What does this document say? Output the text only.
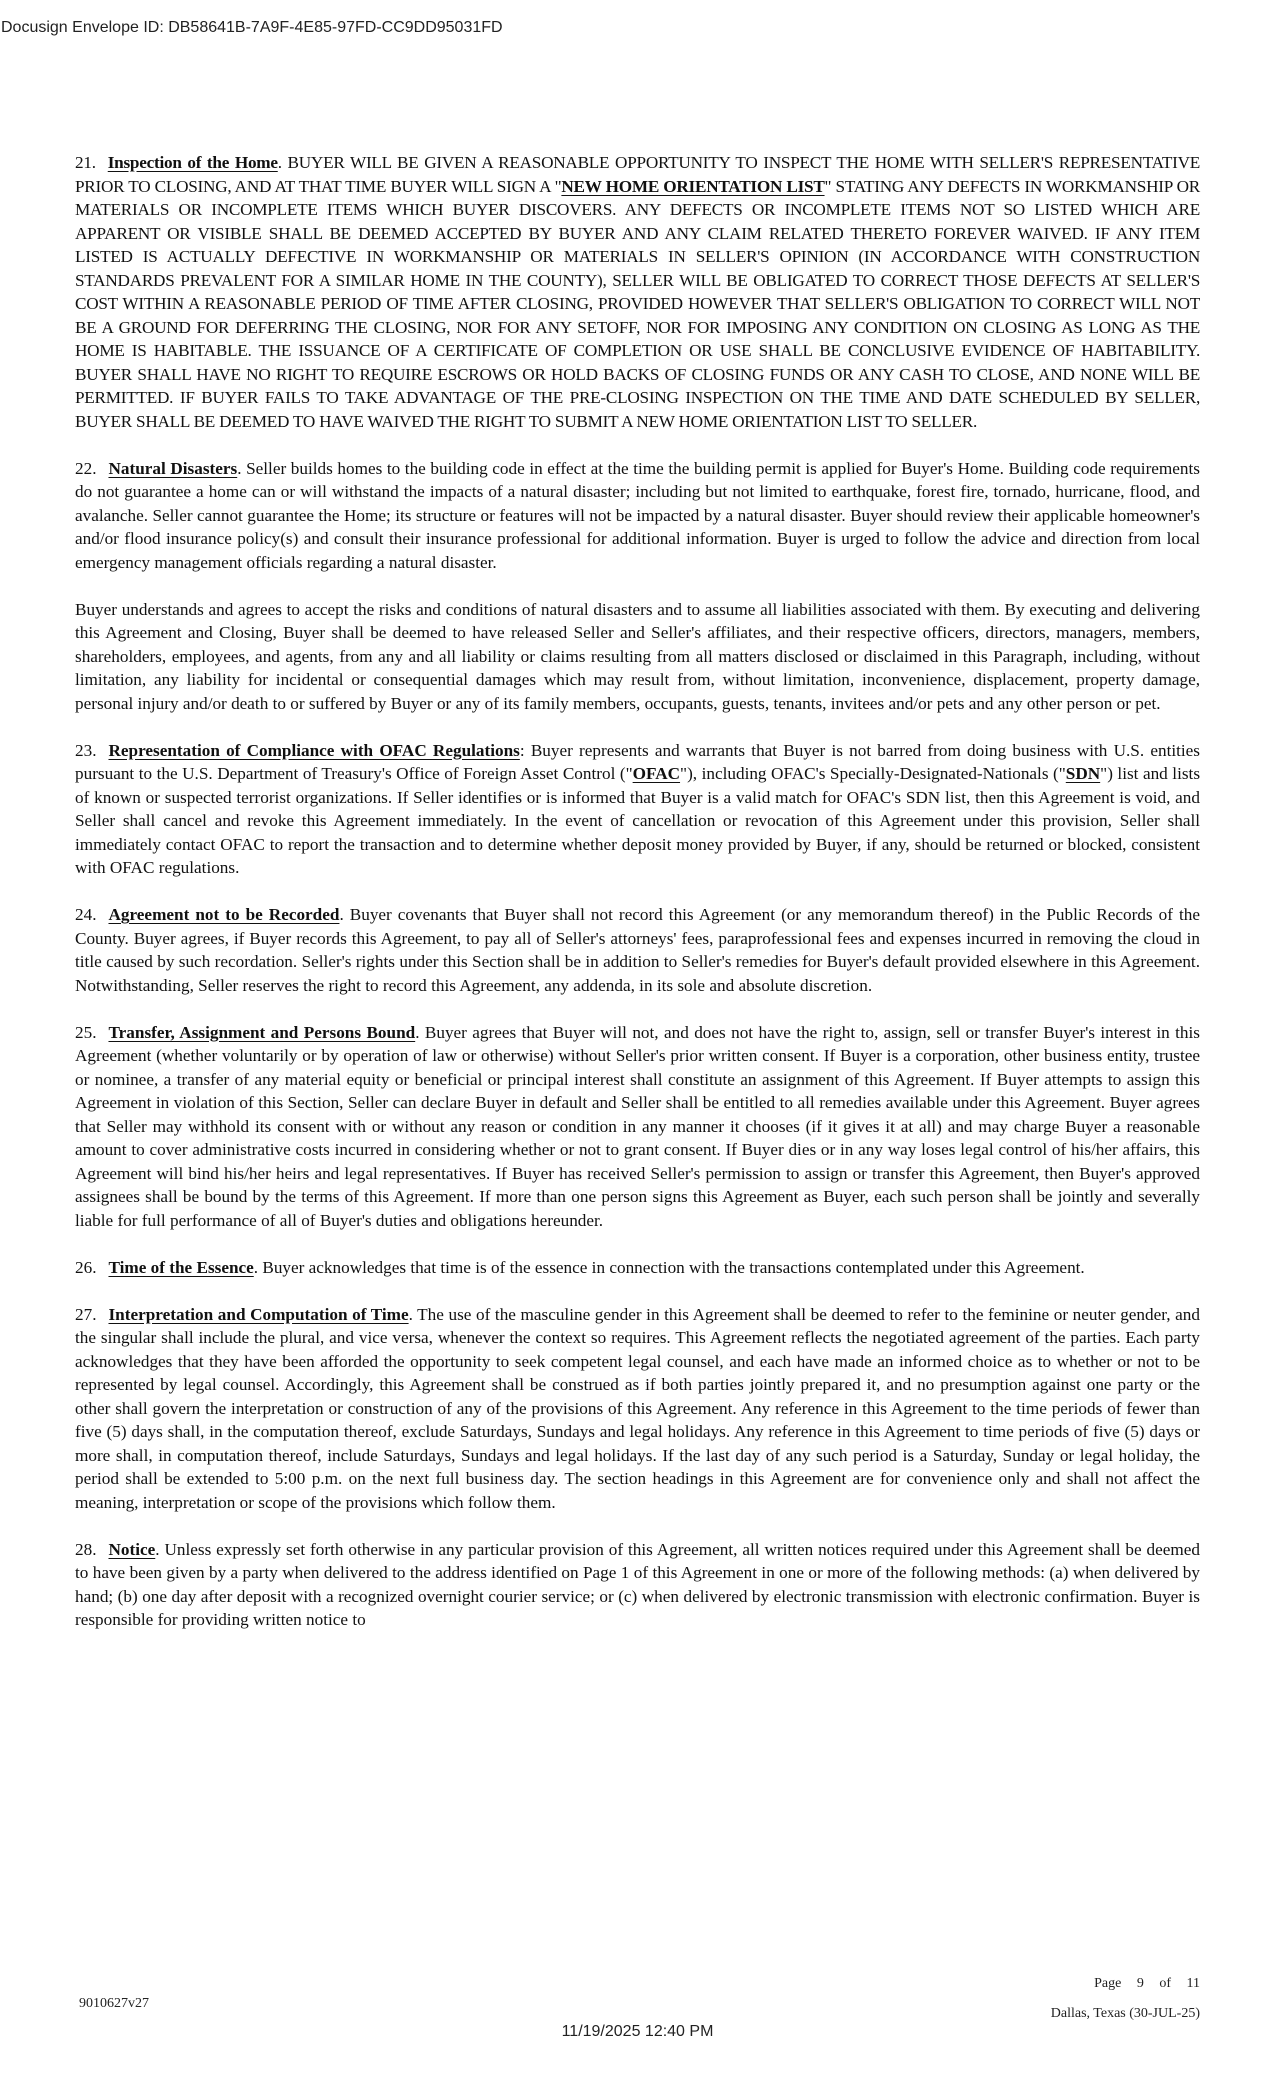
Docusign Envelope ID: DB58641B-7A9F-4E85-97FD-CC9DD95031FD

21. Inspection of the Home. BUYER WILL BE GIVEN A REASONABLE OPPORTUNITY TO INSPECT THE HOME WITH SELLER'S REPRESENTATIVE PRIOR TO CLOSING, AND AT THAT TIME BUYER WILL SIGN A "NEW HOME ORIENTATION LIST" STATING ANY DEFECTS IN WORKMANSHIP OR MATERIALS OR INCOMPLETE ITEMS WHICH BUYER DISCOVERS. ANY DEFECTS OR INCOMPLETE ITEMS NOT SO LISTED WHICH ARE APPARENT OR VISIBLE SHALL BE DEEMED ACCEPTED BY BUYER AND ANY CLAIM RELATED THERETO FOREVER WAIVED. IF ANY ITEM LISTED IS ACTUALLY DEFECTIVE IN WORKMANSHIP OR MATERIALS IN SELLER'S OPINION (IN ACCORDANCE WITH CONSTRUCTION STANDARDS PREVALENT FOR A SIMILAR HOME IN THE COUNTY), SELLER WILL BE OBLIGATED TO CORRECT THOSE DEFECTS AT SELLER'S COST WITHIN A REASONABLE PERIOD OF TIME AFTER CLOSING, PROVIDED HOWEVER THAT SELLER'S OBLIGATION TO CORRECT WILL NOT BE A GROUND FOR DEFERRING THE CLOSING, NOR FOR ANY SETOFF, NOR FOR IMPOSING ANY CONDITION ON CLOSING AS LONG AS THE HOME IS HABITABLE. THE ISSUANCE OF A CERTIFICATE OF COMPLETION OR USE SHALL BE CONCLUSIVE EVIDENCE OF HABITABILITY. BUYER SHALL HAVE NO RIGHT TO REQUIRE ESCROWS OR HOLD BACKS OF CLOSING FUNDS OR ANY CASH TO CLOSE, AND NONE WILL BE PERMITTED. IF BUYER FAILS TO TAKE ADVANTAGE OF THE PRE-CLOSING INSPECTION ON THE TIME AND DATE SCHEDULED BY SELLER, BUYER SHALL BE DEEMED TO HAVE WAIVED THE RIGHT TO SUBMIT A NEW HOME ORIENTATION LIST TO SELLER.

22. Natural Disasters. Seller builds homes to the building code in effect at the time the building permit is applied for Buyer's Home. Building code requirements do not guarantee a home can or will withstand the impacts of a natural disaster; including but not limited to earthquake, forest fire, tornado, hurricane, flood, and avalanche. Seller cannot guarantee the Home; its structure or features will not be impacted by a natural disaster. Buyer should review their applicable homeowner's and/or flood insurance policy(s) and consult their insurance professional for additional information. Buyer is urged to follow the advice and direction from local emergency management officials regarding a natural disaster.

Buyer understands and agrees to accept the risks and conditions of natural disasters and to assume all liabilities associated with them. By executing and delivering this Agreement and Closing, Buyer shall be deemed to have released Seller and Seller's affiliates, and their respective officers, directors, managers, members, shareholders, employees, and agents, from any and all liability or claims resulting from all matters disclosed or disclaimed in this Paragraph, including, without limitation, any liability for incidental or consequential damages which may result from, without limitation, inconvenience, displacement, property damage, personal injury and/or death to or suffered by Buyer or any of its family members, occupants, guests, tenants, invitees and/or pets and any other person or pet.

23. Representation of Compliance with OFAC Regulations: Buyer represents and warrants that Buyer is not barred from doing business with U.S. entities pursuant to the U.S. Department of Treasury's Office of Foreign Asset Control ("OFAC"), including OFAC's Specially-Designated-Nationals ("SDN") list and lists of known or suspected terrorist organizations. If Seller identifies or is informed that Buyer is a valid match for OFAC's SDN list, then this Agreement is void, and Seller shall cancel and revoke this Agreement immediately. In the event of cancellation or revocation of this Agreement under this provision, Seller shall immediately contact OFAC to report the transaction and to determine whether deposit money provided by Buyer, if any, should be returned or blocked, consistent with OFAC regulations.

24. Agreement not to be Recorded. Buyer covenants that Buyer shall not record this Agreement (or any memorandum thereof) in the Public Records of the County. Buyer agrees, if Buyer records this Agreement, to pay all of Seller's attorneys' fees, paraprofessional fees and expenses incurred in removing the cloud in title caused by such recordation. Seller's rights under this Section shall be in addition to Seller's remedies for Buyer's default provided elsewhere in this Agreement. Notwithstanding, Seller reserves the right to record this Agreement, any addenda, in its sole and absolute discretion.

25. Transfer, Assignment and Persons Bound. Buyer agrees that Buyer will not, and does not have the right to, assign, sell or transfer Buyer's interest in this Agreement (whether voluntarily or by operation of law or otherwise) without Seller's prior written consent. If Buyer is a corporation, other business entity, trustee or nominee, a transfer of any material equity or beneficial or principal interest shall constitute an assignment of this Agreement. If Buyer attempts to assign this Agreement in violation of this Section, Seller can declare Buyer in default and Seller shall be entitled to all remedies available under this Agreement. Buyer agrees that Seller may withhold its consent with or without any reason or condition in any manner it chooses (if it gives it at all) and may charge Buyer a reasonable amount to cover administrative costs incurred in considering whether or not to grant consent. If Buyer dies or in any way loses legal control of his/her affairs, this Agreement will bind his/her heirs and legal representatives. If Buyer has received Seller's permission to assign or transfer this Agreement, then Buyer's approved assignees shall be bound by the terms of this Agreement. If more than one person signs this Agreement as Buyer, each such person shall be jointly and severally liable for full performance of all of Buyer's duties and obligations hereunder.

26. Time of the Essence. Buyer acknowledges that time is of the essence in connection with the transactions contemplated under this Agreement.

27. Interpretation and Computation of Time. The use of the masculine gender in this Agreement shall be deemed to refer to the feminine or neuter gender, and the singular shall include the plural, and vice versa, whenever the context so requires. This Agreement reflects the negotiated agreement of the parties. Each party acknowledges that they have been afforded the opportunity to seek competent legal counsel, and each have made an informed choice as to whether or not to be represented by legal counsel. Accordingly, this Agreement shall be construed as if both parties jointly prepared it, and no presumption against one party or the other shall govern the interpretation or construction of any of the provisions of this Agreement. Any reference in this Agreement to the time periods of fewer than five (5) days shall, in the computation thereof, exclude Saturdays, Sundays and legal holidays. Any reference in this Agreement to time periods of five (5) days or more shall, in computation thereof, include Saturdays, Sundays and legal holidays. If the last day of any such period is a Saturday, Sunday or legal holiday, the period shall be extended to 5:00 p.m. on the next full business day. The section headings in this Agreement are for convenience only and shall not affect the meaning, interpretation or scope of the provisions which follow them.

28. Notice. Unless expressly set forth otherwise in any particular provision of this Agreement, all written notices required under this Agreement shall be deemed to have been given by a party when delivered to the address identified on Page 1 of this Agreement in one or more of the following methods: (a) when delivered by hand; (b) one day after deposit with a recognized overnight courier service; or (c) when delivered by electronic transmission with electronic confirmation. Buyer is responsible for providing written notice to

9010627v27
11/19/2025 12:40 PM
Page 9 of 11
Dallas, Texas (30-JUL-25)
